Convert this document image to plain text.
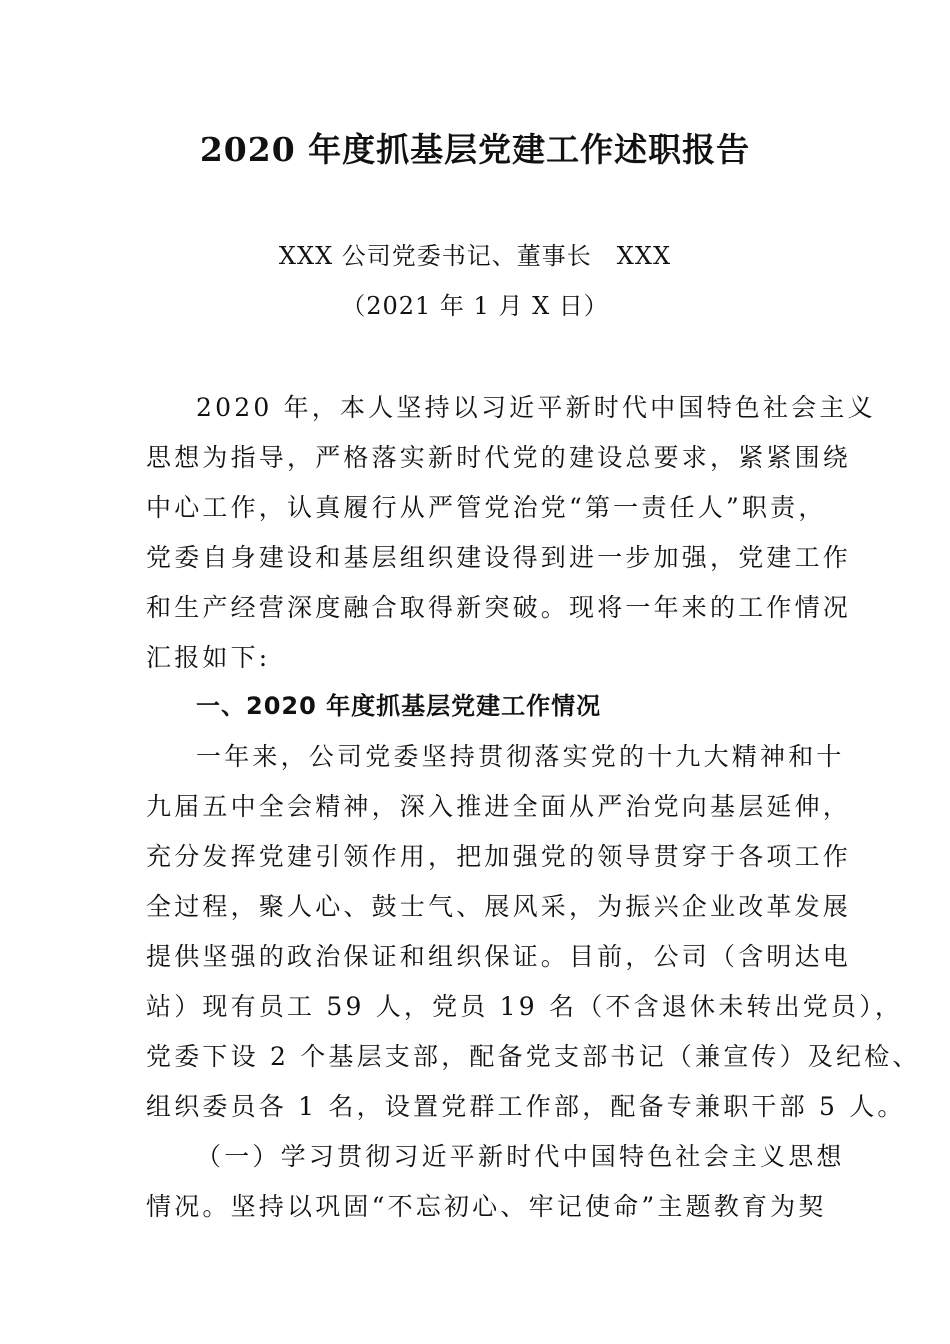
2020 年度抓基层党建工作述职报告
XXX 公司党委书记、董事长　XXX
（2021 年 1 月 X 日）
2020 年，本人坚持以习近平新时代中国特色社会主义
思想为指导，严格落实新时代党的建设总要求，紧紧围绕
中心工作，认真履行从严管党治党“第一责任人”职责，
党委自身建设和基层组织建设得到进一步加强，党建工作
和生产经营深度融合取得新突破。现将一年来的工作情况
汇报如下:
一、2020 年度抓基层党建工作情况
一年来，公司党委坚持贯彻落实党的十九大精神和十
九届五中全会精神，深入推进全面从严治党向基层延伸，
充分发挥党建引领作用，把加强党的领导贯穿于各项工作
全过程，聚人心、鼓士气、展风采，为振兴企业改革发展
提供坚强的政治保证和组织保证。目前，公司（含明达电
站）现有员工 59 人，党员 19 名（不含退休未转出党员），
党委下设 2 个基层支部，配备党支部书记（兼宣传）及纪检、
组织委员各 1 名，设置党群工作部，配备专兼职干部 5 人。
（一）学习贯彻习近平新时代中国特色社会主义思想
情况。坚持以巩固“不忘初心、牢记使命”主题教育为契
